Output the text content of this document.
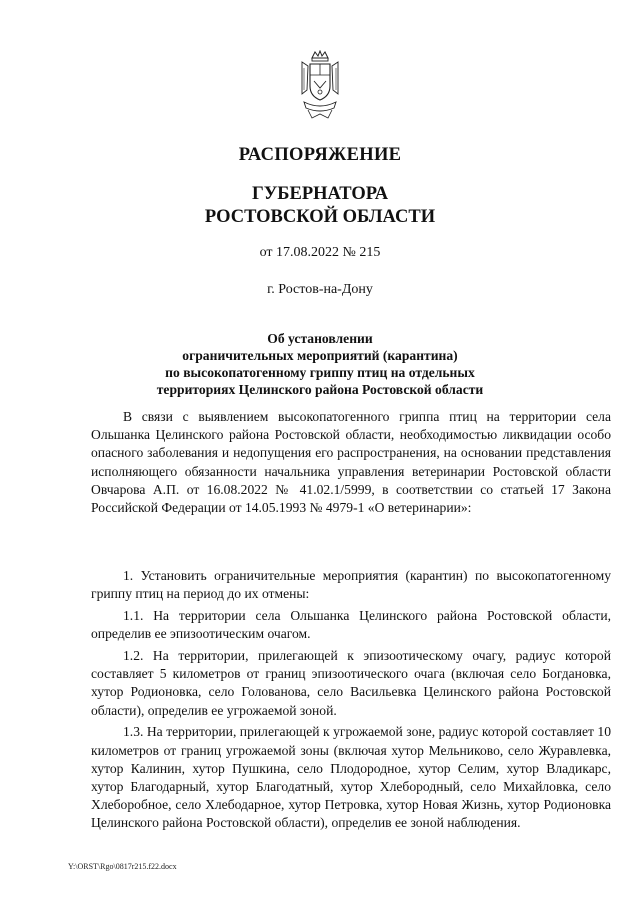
РАСПОРЯЖЕНИЕ
ГУБЕРНАТОРА
РОСТОВСКОЙ ОБЛАСТИ
от 17.08.2022 № 215
г. Ростов-на-Дону
Об установлении
ограничительных мероприятий (карантина)
по высокопатогенному гриппу птиц на отдельных
территориях Целинского района Ростовской области

В связи с выявлением высокопатогенного гриппа птиц на территории села Ольшанка Целинского района Ростовской области, необходимостью ликвидации особо опасного заболевания и недопущения его распространения, на основании представления исполняющего обязанности начальника управления ветеринарии Ростовской области Овчарова А.П. от 16.08.2022 № 41.02.1/5999, в соответствии со статьей 17 Закона Российской Федерации от 14.05.1993 № 4979-1 «О ветеринарии»:

1. Установить ограничительные мероприятия (карантин) по высокопатогенному гриппу птиц на период до их отмены:

1.1. На территории села Ольшанка Целинского района Ростовской области, определив ее эпизоотическим очагом.

1.2. На территории, прилегающей к эпизоотическому очагу, радиус которой составляет 5 километров от границ эпизоотического очага (включая село Богдановка, хутор Родионовка, село Голованова, село Васильевка Целинского района Ростовской области), определив ее угрожаемой зоной.

1.3. На территории, прилегающей к угрожаемой зоне, радиус которой составляет 10 километров от границ угрожаемой зоны (включая хутор Мельниково, село Журавлевка, хутор Калинин, хутор Пушкина, село Плодородное, хутор Селим, хутор Владикарс, хутор Благодарный, хутор Благодатный, хутор Хлебородный, село Михайловка, село Хлеборобное, село Хлебодарное, хутор Петровка, хутор Новая Жизнь, хутор Родионовка Целинского района Ростовской области), определив ее зоной наблюдения.

Y:\ORST\Rgo\0817r215.f22.docx
